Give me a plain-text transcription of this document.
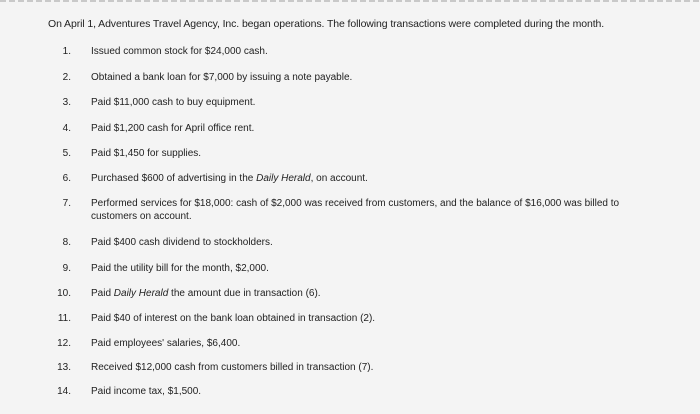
On April 1, Adventures Travel Agency, Inc. began operations. The following transactions were completed during the month.
1. Issued common stock for $24,000 cash.
2. Obtained a bank loan for $7,000 by issuing a note payable.
3. Paid $11,000 cash to buy equipment.
4. Paid $1,200 cash for April office rent.
5. Paid $1,450 for supplies.
6. Purchased $600 of advertising in the Daily Herald, on account.
7. Performed services for $18,000: cash of $2,000 was received from customers, and the balance of $16,000 was billed to customers on account.
8. Paid $400 cash dividend to stockholders.
9. Paid the utility bill for the month, $2,000.
10. Paid Daily Herald the amount due in transaction (6).
11. Paid $40 of interest on the bank loan obtained in transaction (2).
12. Paid employees' salaries, $6,400.
13. Received $12,000 cash from customers billed in transaction (7).
14. Paid income tax, $1,500.
